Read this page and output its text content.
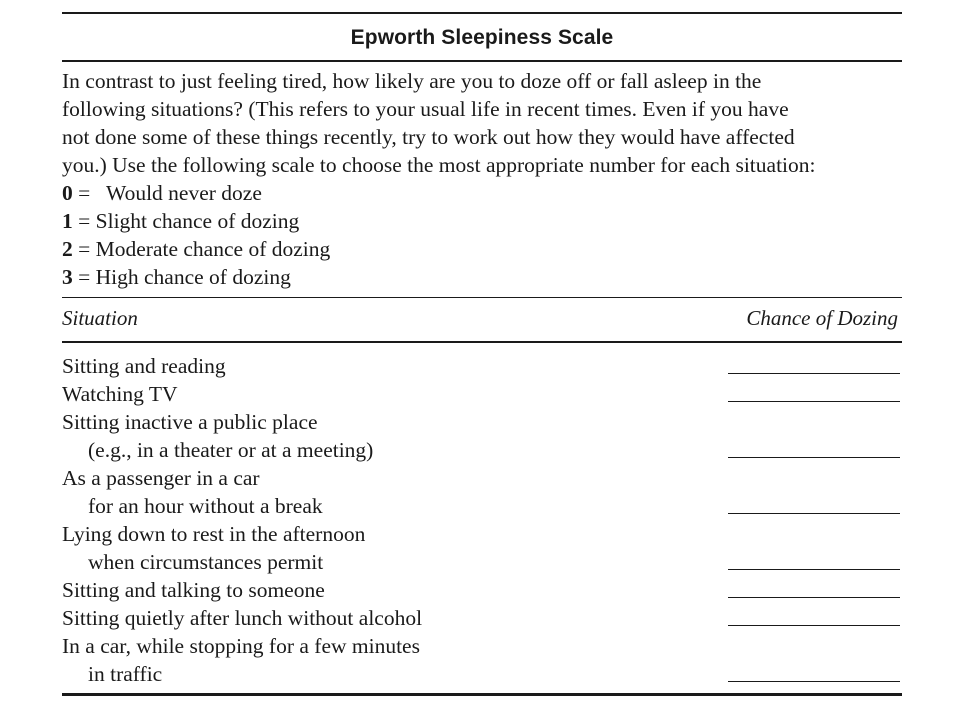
Epworth Sleepiness Scale

In contrast to just feeling tired, how likely are you to doze off or fall asleep in the

following situations? (This refers to your usual life in recent times. Even if you have

not done some of these things recently, try to work out how they would have affected

you.) Use the following scale to choose the most appropriate number for each situation:

0 =   Would never doze
1 = Slight chance of dozing
2 = Moderate chance of dozing
3 = High chance of dozing
Situation	Chance of Dozing
Sitting and reading
Watching TV
Sitting inactive a public place
(e.g., in a theater or at a meeting)
As a passenger in a car
for an hour without a break
Lying down to rest in the afternoon
when circumstances permit
Sitting and talking to someone
Sitting quietly after lunch without alcohol
In a car, while stopping for a few minutes
in traffic
